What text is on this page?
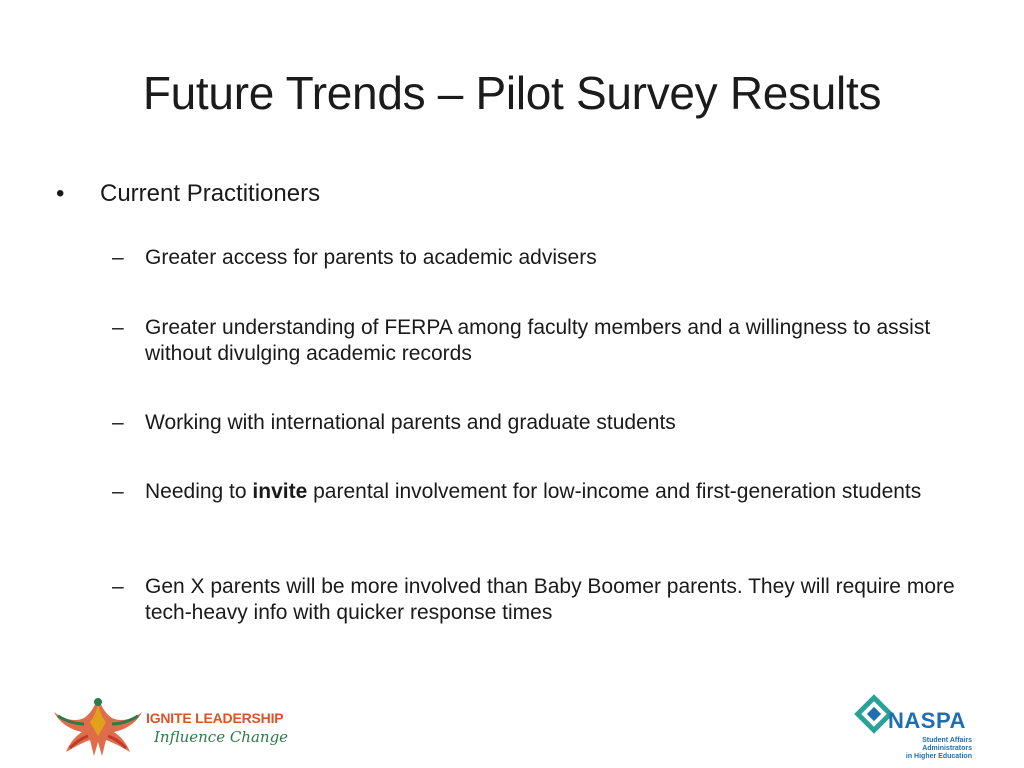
Future Trends – Pilot Survey Results
•	Current Practitioners
– Greater access for parents to academic advisers
– Greater understanding of FERPA among faculty members and a willingness to assist without divulging academic records
– Working with international parents and graduate students
– Needing to invite parental involvement for low-income and first-generation students
– Gen X parents will be more involved than Baby Boomer parents. They will require more tech-heavy info with quicker response times
IGNITE LEADERSHIP
Influence Change
NASPA
Student Affairs Administrators
in Higher Education
